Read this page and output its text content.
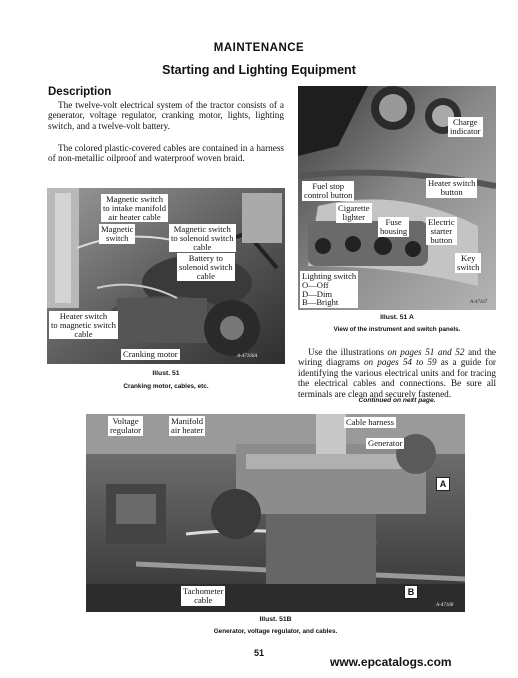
MAINTENANCE
Starting and Lighting Equipment
Description
The twelve-volt electrical system of the tractor consists of a generator, voltage regulator, cranking motor, lights, lighting switch, and a twelve-volt battery.
The colored plastic-covered cables are contained in a harness of non-metallic oilproof and waterproof woven braid.
Magnetic switch
to intake manifold
air heater cable
Magnetic
switch
Magnetic switch
to solenoid switch
cable
Battery to
solenoid switch
cable
Heater switch
to magnetic switch
cable
Cranking motor	A-47166A
Illust. 51
Cranking motor, cables, etc.
Charge
indicator
Heater switch
button
Fuel stop
control button
Cigarette
lighter
Fuse
housing
Electric
starter
button
Key
switch
Lighting switch
O—Off
D—Dim
B—Bright	A-47167
Illust. 51 A
View of the instrument and switch panels.
Use the illustrations on pages 51 and 52 and the wiring diagrams on pages 54 to 59 as a guide for identifying the various electrical units and for tracing the electrical cables and connections. Be sure all terminals are clean and securely fastened.
Continued on next page.
Voltage
regulator
Manifold
air heater
Cable harness
Generator
Tachometer
cable
A
B
A-47168
Illust. 51B
Generator, voltage regulator, and cables.
51
www.epcatalogs.com
